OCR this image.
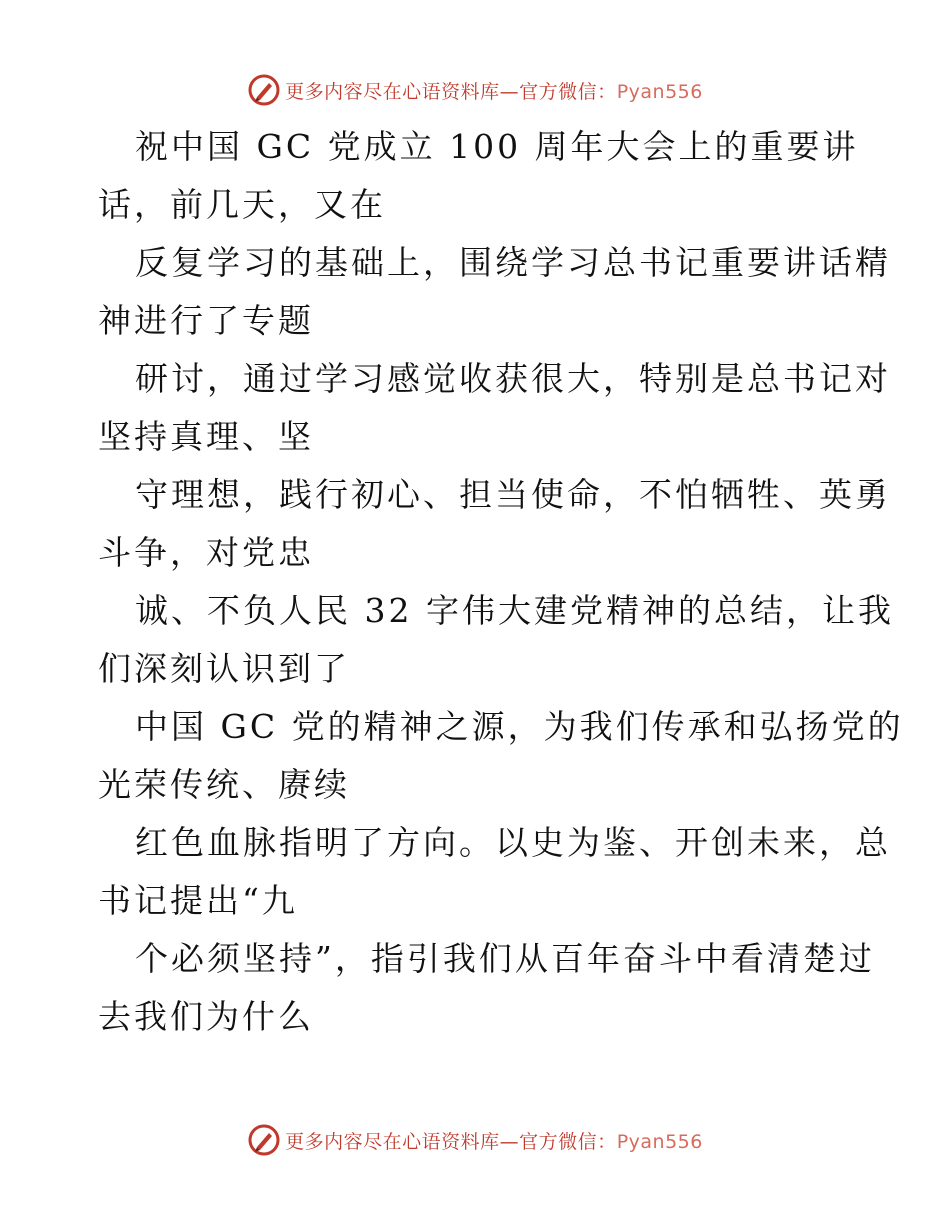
更多内容尽在心语资料库—官方微信：Pyan556
祝中国 GC 党成立 100 周年大会上的重要讲
话，前几天，又在
反复学习的基础上，围绕学习总书记重要讲话精
神进行了专题
研讨，通过学习感觉收获很大，特别是总书记对
坚持真理、坚
守理想，践行初心、担当使命，不怕牺牲、英勇
斗争，对党忠
诚、不负人民 32 字伟大建党精神的总结，让我
们深刻认识到了
中国 GC 党的精神之源，为我们传承和弘扬党的
光荣传统、赓续
红色血脉指明了方向。以史为鉴、开创未来，总
书记提出“九
个必须坚持”，指引我们从百年奋斗中看清楚过
去我们为什么
更多内容尽在心语资料库—官方微信：Pyan556
